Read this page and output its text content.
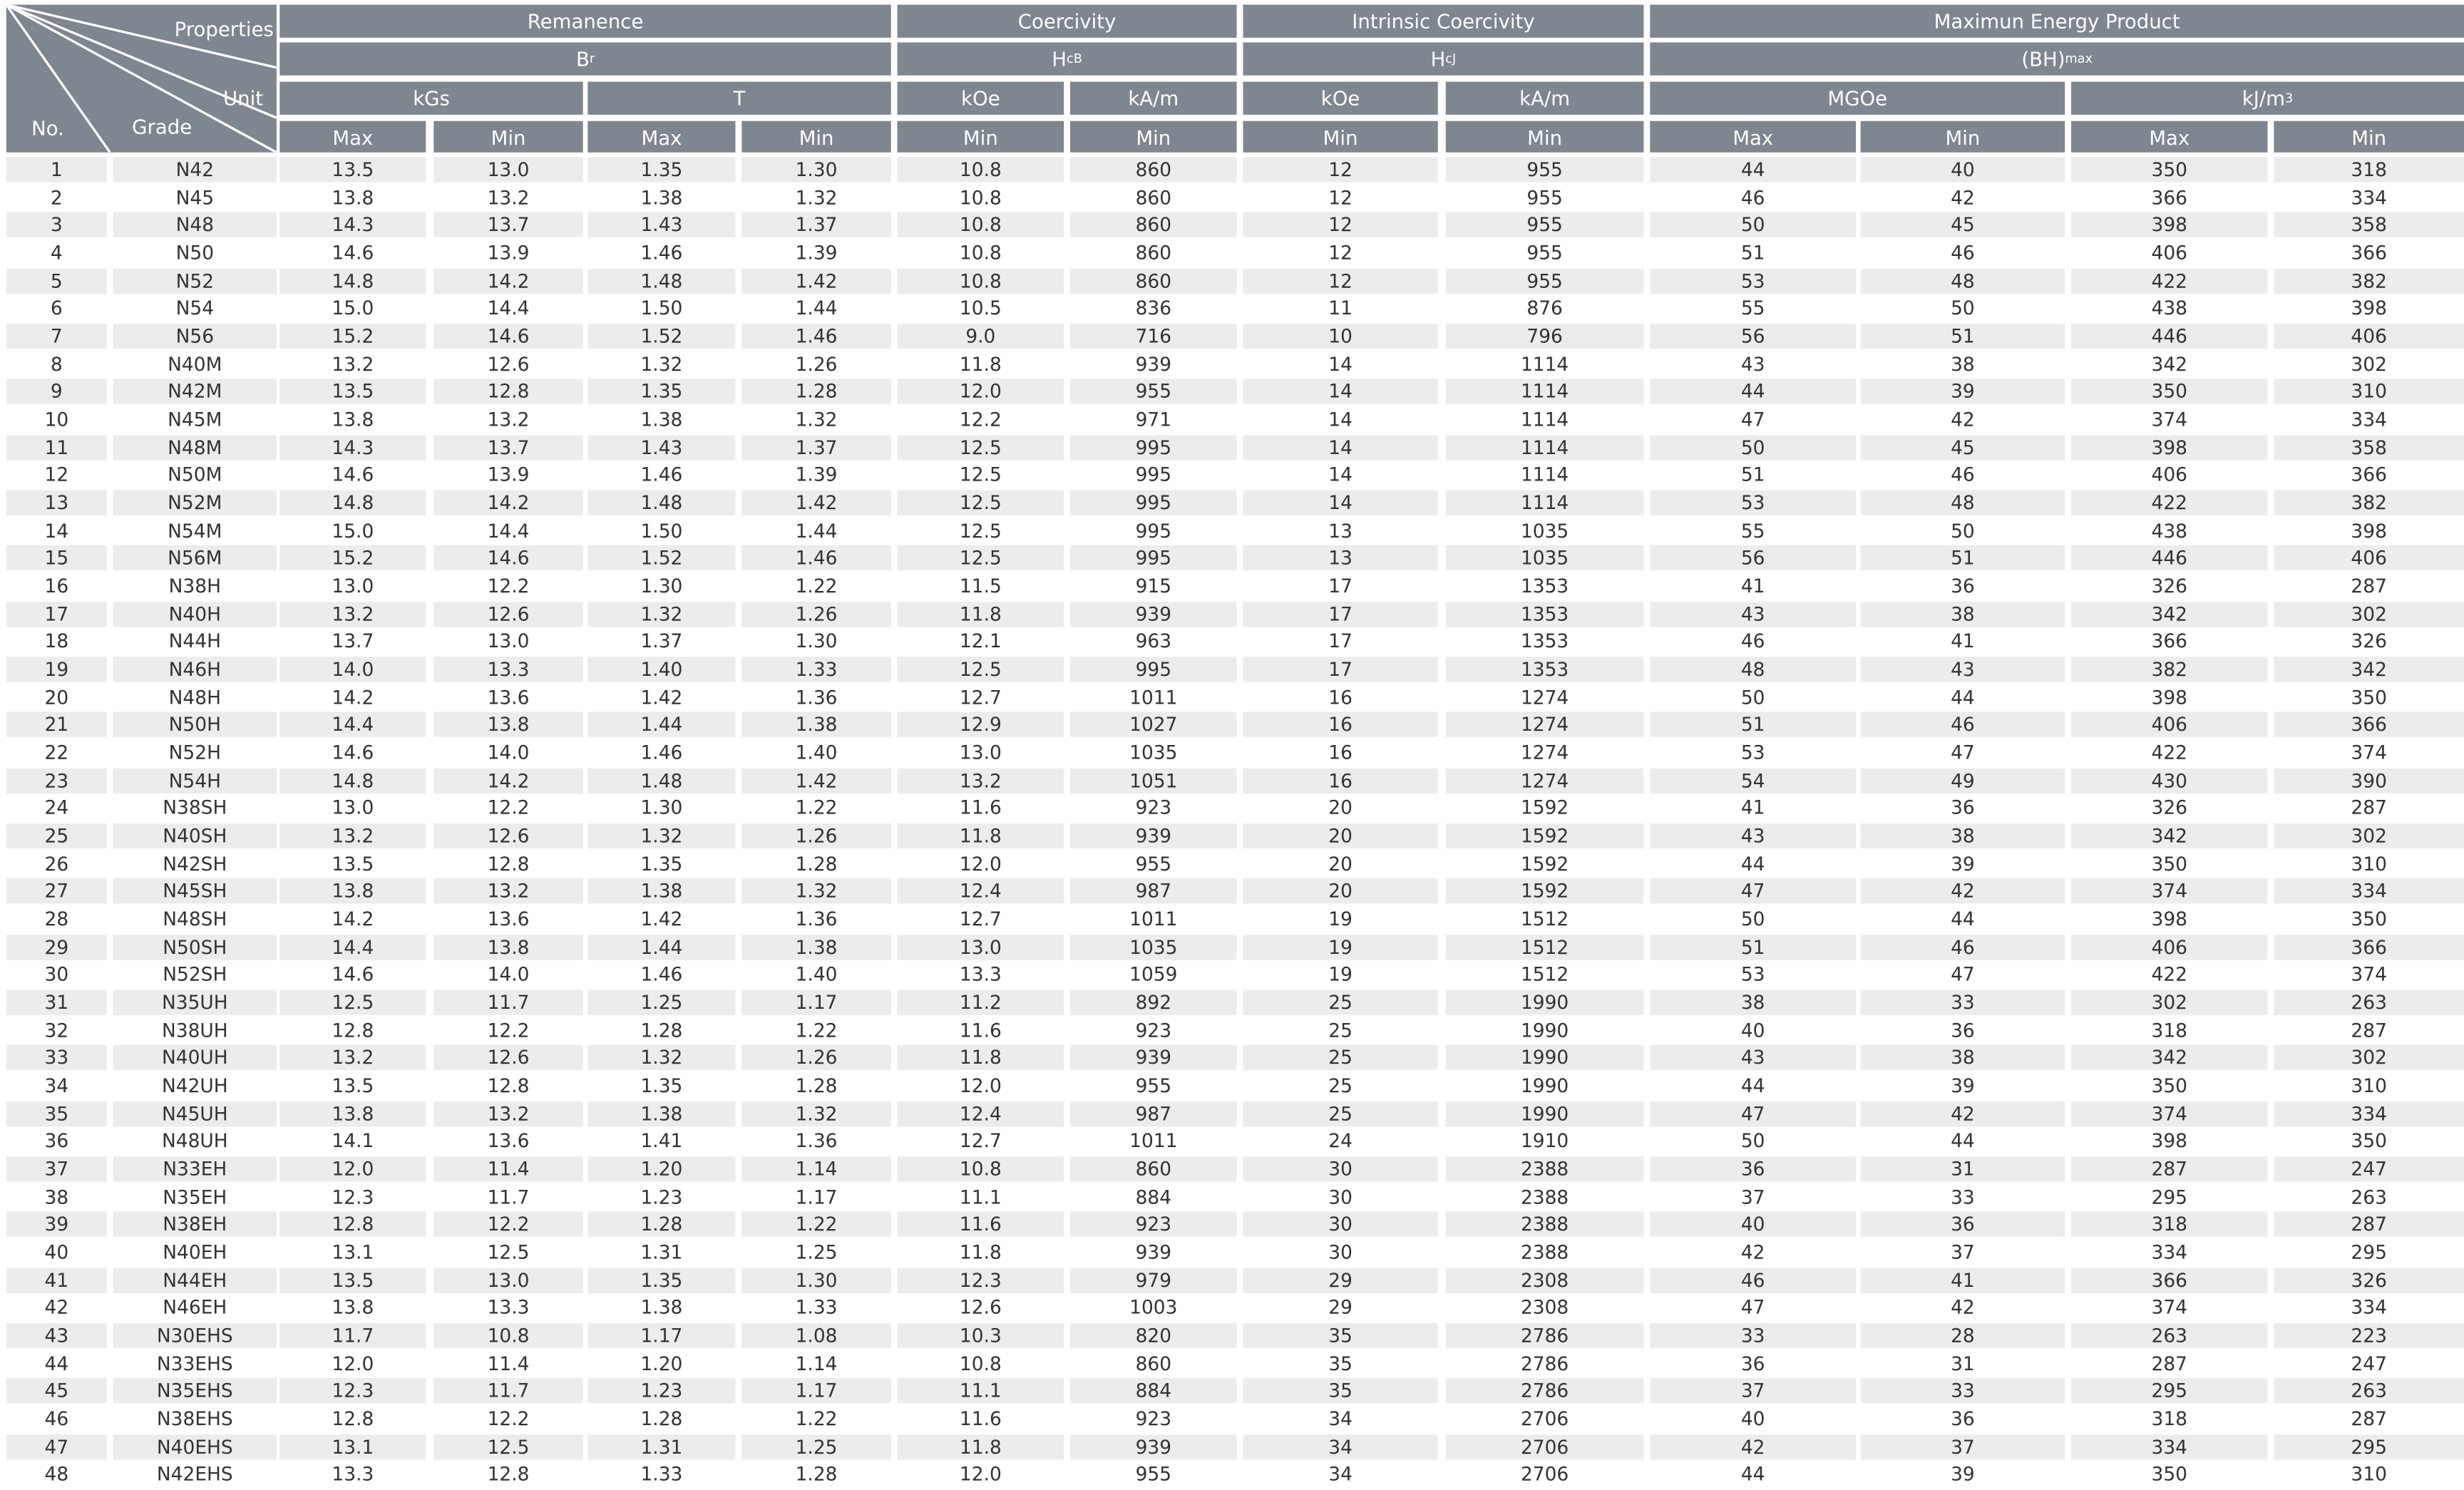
Properties
Unit
No.	Grade
Remanence	Coercivity	Intrinsic Coercivity	Maximun Energy Product
B r	H cB	H cJ	(BH) max
kGs	T	kOe	kA/m	kOe	kA/m	MGOe	kJ/m 3
Max	Min	Max	Min	Min	Min	Min	Min	Max	Min	Max	Min
1	N42	13.5	13.0	1.35	1.30	10.8	860	12	955	44	40	350	318
2	N45	13.8	13.2	1.38	1.32	10.8	860	12	955	46	42	366	334
3	N48	14.3	13.7	1.43	1.37	10.8	860	12	955	50	45	398	358
4	N50	14.6	13.9	1.46	1.39	10.8	860	12	955	51	46	406	366
5	N52	14.8	14.2	1.48	1.42	10.8	860	12	955	53	48	422	382
6	N54	15.0	14.4	1.50	1.44	10.5	836	11	876	55	50	438	398
7	N56	15.2	14.6	1.52	1.46	9.0	716	10	796	56	51	446	406
8	N40M	13.2	12.6	1.32	1.26	11.8	939	14	1114	43	38	342	302
9	N42M	13.5	12.8	1.35	1.28	12.0	955	14	1114	44	39	350	310
10	N45M	13.8	13.2	1.38	1.32	12.2	971	14	1114	47	42	374	334
11	N48M	14.3	13.7	1.43	1.37	12.5	995	14	1114	50	45	398	358
12	N50M	14.6	13.9	1.46	1.39	12.5	995	14	1114	51	46	406	366
13	N52M	14.8	14.2	1.48	1.42	12.5	995	14	1114	53	48	422	382
14	N54M	15.0	14.4	1.50	1.44	12.5	995	13	1035	55	50	438	398
15	N56M	15.2	14.6	1.52	1.46	12.5	995	13	1035	56	51	446	406
16	N38H	13.0	12.2	1.30	1.22	11.5	915	17	1353	41	36	326	287
17	N40H	13.2	12.6	1.32	1.26	11.8	939	17	1353	43	38	342	302
18	N44H	13.7	13.0	1.37	1.30	12.1	963	17	1353	46	41	366	326
19	N46H	14.0	13.3	1.40	1.33	12.5	995	17	1353	48	43	382	342
20	N48H	14.2	13.6	1.42	1.36	12.7	1011	16	1274	50	44	398	350
21	N50H	14.4	13.8	1.44	1.38	12.9	1027	16	1274	51	46	406	366
22	N52H	14.6	14.0	1.46	1.40	13.0	1035	16	1274	53	47	422	374
23	N54H	14.8	14.2	1.48	1.42	13.2	1051	16	1274	54	49	430	390
24	N38SH	13.0	12.2	1.30	1.22	11.6	923	20	1592	41	36	326	287
25	N40SH	13.2	12.6	1.32	1.26	11.8	939	20	1592	43	38	342	302
26	N42SH	13.5	12.8	1.35	1.28	12.0	955	20	1592	44	39	350	310
27	N45SH	13.8	13.2	1.38	1.32	12.4	987	20	1592	47	42	374	334
28	N48SH	14.2	13.6	1.42	1.36	12.7	1011	19	1512	50	44	398	350
29	N50SH	14.4	13.8	1.44	1.38	13.0	1035	19	1512	51	46	406	366
30	N52SH	14.6	14.0	1.46	1.40	13.3	1059	19	1512	53	47	422	374
31	N35UH	12.5	11.7	1.25	1.17	11.2	892	25	1990	38	33	302	263
32	N38UH	12.8	12.2	1.28	1.22	11.6	923	25	1990	40	36	318	287
33	N40UH	13.2	12.6	1.32	1.26	11.8	939	25	1990	43	38	342	302
34	N42UH	13.5	12.8	1.35	1.28	12.0	955	25	1990	44	39	350	310
35	N45UH	13.8	13.2	1.38	1.32	12.4	987	25	1990	47	42	374	334
36	N48UH	14.1	13.6	1.41	1.36	12.7	1011	24	1910	50	44	398	350
37	N33EH	12.0	11.4	1.20	1.14	10.8	860	30	2388	36	31	287	247
38	N35EH	12.3	11.7	1.23	1.17	11.1	884	30	2388	37	33	295	263
39	N38EH	12.8	12.2	1.28	1.22	11.6	923	30	2388	40	36	318	287
40	N40EH	13.1	12.5	1.31	1.25	11.8	939	30	2388	42	37	334	295
41	N44EH	13.5	13.0	1.35	1.30	12.3	979	29	2308	46	41	366	326
42	N46EH	13.8	13.3	1.38	1.33	12.6	1003	29	2308	47	42	374	334
43	N30EHS	11.7	10.8	1.17	1.08	10.3	820	35	2786	33	28	263	223
44	N33EHS	12.0	11.4	1.20	1.14	10.8	860	35	2786	36	31	287	247
45	N35EHS	12.3	11.7	1.23	1.17	11.1	884	35	2786	37	33	295	263
46	N38EHS	12.8	12.2	1.28	1.22	11.6	923	34	2706	40	36	318	287
47	N40EHS	13.1	12.5	1.31	1.25	11.8	939	34	2706	42	37	334	295
48	N42EHS	13.3	12.8	1.33	1.28	12.0	955	34	2706	44	39	350	310
